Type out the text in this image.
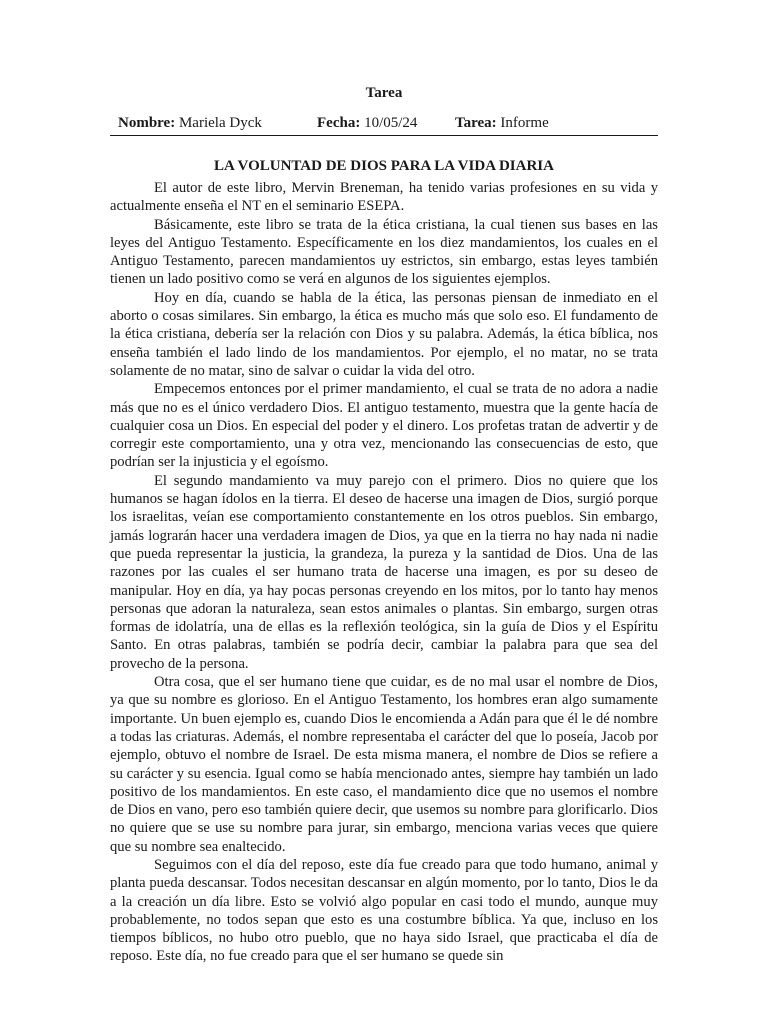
Tarea
Nombre: Mariela Dyck	Fecha: 10/05/24	Tarea: Informe
LA VOLUNTAD DE DIOS PARA LA VIDA DIARIA

El autor de este libro, Mervin Breneman, ha tenido varias profesiones en su vida y actualmente enseña el NT en el seminario ESEPA.

Básicamente, este libro se trata de la ética cristiana, la cual tienen sus bases en las leyes del Antiguo Testamento. Específicamente en los diez mandamientos, los cuales en el Antiguo Testamento, parecen mandamientos uy estrictos, sin embargo, estas leyes también tienen un lado positivo como se verá en algunos de los siguientes ejemplos.

Hoy en día, cuando se habla de la ética, las personas piensan de inmediato en el aborto o cosas similares. Sin embargo, la ética es mucho más que solo eso. El fundamento de la ética cristiana, debería ser la relación con Dios y su palabra. Además, la ética bíblica, nos enseña también el lado lindo de los mandamientos. Por ejemplo, el no matar, no se trata solamente de no matar, sino de salvar o cuidar la vida del otro.

Empecemos entonces por el primer mandamiento, el cual se trata de no adora a nadie más que no es el único verdadero Dios. El antiguo testamento, muestra que la gente hacía de cualquier cosa un Dios. En especial del poder y el dinero. Los profetas tratan de advertir y de corregir este comportamiento, una y otra vez, mencionando las consecuencias de esto, que podrían ser la injusticia y el egoísmo.

El segundo mandamiento va muy parejo con el primero. Dios no quiere que los humanos se hagan ídolos en la tierra. El deseo de hacerse una imagen de Dios, surgió porque los israelitas, veían ese comportamiento constantemente en los otros pueblos. Sin embargo, jamás lograrán hacer una verdadera imagen de Dios, ya que en la tierra no hay nada ni nadie que pueda representar la justicia, la grandeza, la pureza y la santidad de Dios. Una de las razones por las cuales el ser humano trata de hacerse una imagen, es por su deseo de manipular. Hoy en día, ya hay pocas personas creyendo en los mitos, por lo tanto hay menos personas que adoran la naturaleza, sean estos animales o plantas. Sin embargo, surgen otras formas de idolatría, una de ellas es la reflexión teológica, sin la guía de Dios y el Espíritu Santo. En otras palabras, también se podría decir, cambiar la palabra para que sea del provecho de la persona.

Otra cosa, que el ser humano tiene que cuidar, es de no mal usar el nombre de Dios, ya que su nombre es glorioso. En el Antiguo Testamento, los hombres eran algo sumamente importante. Un buen ejemplo es, cuando Dios le encomienda a Adán para que él le dé nombre a todas las criaturas. Además, el nombre representaba el carácter del que lo poseía, Jacob por ejemplo, obtuvo el nombre de Israel. De esta misma manera, el nombre de Dios se refiere a su carácter y su esencia. Igual como se había mencionado antes, siempre hay también un lado positivo de los mandamientos. En este caso, el mandamiento dice que no usemos el nombre de Dios en vano, pero eso también quiere decir, que usemos su nombre para glorificarlo. Dios no quiere que se use su nombre para jurar, sin embargo, menciona varias veces que quiere que su nombre sea enaltecido.

Seguimos con el día del reposo, este día fue creado para que todo humano, animal y planta pueda descansar. Todos necesitan descansar en algún momento, por lo tanto, Dios le da a la creación un día libre. Esto se volvió algo popular en casi todo el mundo, aunque muy probablemente, no todos sepan que esto es una costumbre bíblica. Ya que, incluso en los tiempos bíblicos, no hubo otro pueblo, que no haya sido Israel, que practicaba el día de reposo. Este día, no fue creado para que el ser humano se quede sin
